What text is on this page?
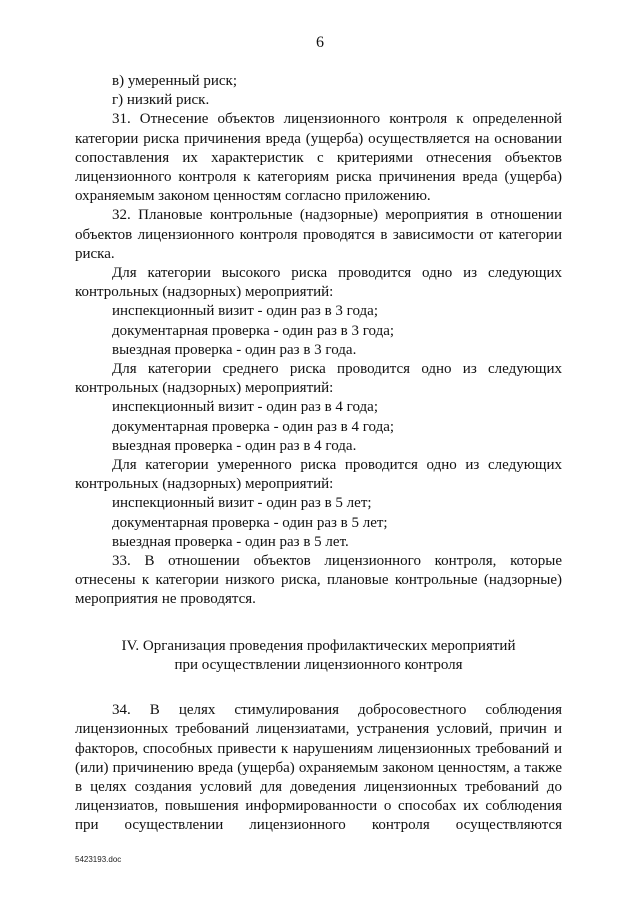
6

в) умеренный риск;

г) низкий риск.

31. Отнесение объектов лицензионного контроля к определенной категории риска причинения вреда (ущерба) осуществляется на основании сопоставления их характеристик с критериями отнесения объектов лицензионного контроля к категориям риска причинения вреда (ущерба) охраняемым законом ценностям согласно приложению.

32. Плановые контрольные (надзорные) мероприятия в отношении объектов лицензионного контроля проводятся в зависимости от категории риска.

Для категории высокого риска проводится одно из следующих контрольных (надзорных) мероприятий:

инспекционный визит - один раз в 3 года;

документарная проверка - один раз в 3 года;

выездная проверка - один раз в 3 года.

Для категории среднего риска проводится одно из следующих контрольных (надзорных) мероприятий:

инспекционный визит - один раз в 4 года;

документарная проверка - один раз в 4 года;

выездная проверка - один раз в 4 года.

Для категории умеренного риска проводится одно из следующих контрольных (надзорных) мероприятий:

инспекционный визит - один раз в 5 лет;

документарная проверка - один раз в 5 лет;

выездная проверка - один раз в 5 лет.

33. В отношении объектов лицензионного контроля, которые отнесены к категории низкого риска, плановые контрольные (надзорные) мероприятия не проводятся.

IV. Организация проведения профилактических мероприятий
при осуществлении лицензионного контроля

34. В целях стимулирования добросовестного соблюдения лицензионных требований лицензиатами, устранения условий, причин и факторов, способных привести к нарушениям лицензионных требований и (или) причинению вреда (ущерба) охраняемым законом ценностям, а также в целях создания условий для доведения лицензионных требований до лицензиатов, повышения информированности о способах их соблюдения при осуществлении лицензионного контроля осуществляются

5423193.doc
